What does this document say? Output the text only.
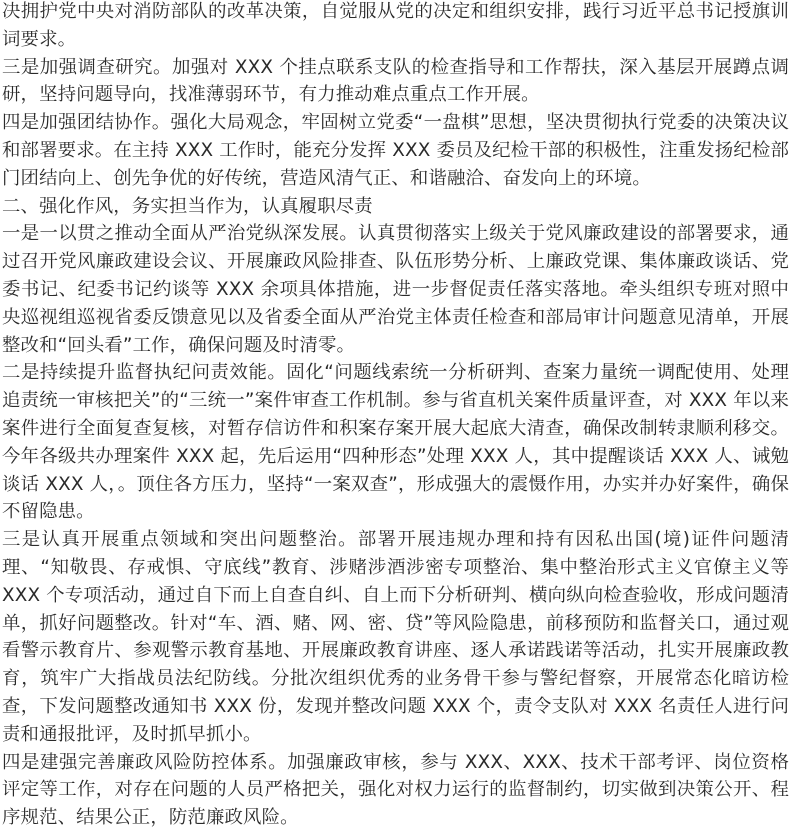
决拥护党中央对消防部队的改革决策，自觉服从党的决定和组织安排，践行习近平总书记授旗训词要求。

三是加强调查研究。加强对 XXX 个挂点联系支队的检查指导和工作帮扶，深入基层开展蹲点调研，坚持问题导向，找准薄弱环节，有力推动难点重点工作开展。

四是加强团结协作。强化大局观念，牢固树立党委“一盘棋”思想，坚决贯彻执行党委的决策决议和部署要求。在主持 XXX 工作时，能充分发挥 XXX 委员及纪检干部的积极性，注重发扬纪检部门团结向上、创先争优的好传统，营造风清气正、和谐融洽、奋发向上的环境。

二、强化作风，务实担当作为，认真履职尽责

一是一以贯之推动全面从严治党纵深发展。认真贯彻落实上级关于党风廉政建设的部署要求，通过召开党风廉政建设会议、开展廉政风险排查、队伍形势分析、上廉政党课、集体廉政谈话、党委书记、纪委书记约谈等 XXX 余项具体措施，进一步督促责任落实落地。牵头组织专班对照中央巡视组巡视省委反馈意见以及省委全面从严治党主体责任检查和部局审计问题意见清单，开展整改和“回头看”工作，确保问题及时清零。

二是持续提升监督执纪问责效能。固化“问题线索统一分析研判、查案力量统一调配使用、处理追责统一审核把关”的“三统一”案件审查工作机制。参与省直机关案件质量评查，对 XXX 年以来案件进行全面复查复核，对暂存信访件和积案存案开展大起底大清查，确保改制转隶顺利移交。今年各级共办理案件 XXX 起，先后运用“四种形态”处理 XXX 人，其中提醒谈话 XXX 人、诫勉谈话 XXX 人，。顶住各方压力，坚持“一案双查”，形成强大的震慑作用，办实并办好案件，确保不留隐患。

三是认真开展重点领域和突出问题整治。部署开展违规办理和持有因私出国(境)证件问题清理、“知敬畏、存戒惧、守底线”教育、涉赌涉酒涉密专项整治、集中整治形式主义官僚主义等 XXX 个专项活动，通过自下而上自查自纠、自上而下分析研判、横向纵向检查验收，形成问题清单，抓好问题整改。针对“车、酒、赌、网、密、贷”等风险隐患，前移预防和监督关口，通过观看警示教育片、参观警示教育基地、开展廉政教育讲座、逐人承诺践诺等活动，扎实开展廉政教育，筑牢广大指战员法纪防线。分批次组织优秀的业务骨干参与警纪督察，开展常态化暗访检查，下发问题整改通知书 XXX 份，发现并整改问题 XXX 个，责令支队对 XXX 名责任人进行问责和通报批评，及时抓早抓小。

四是建强完善廉政风险防控体系。加强廉政审核，参与 XXX、XXX、技术干部考评、岗位资格评定等工作，对存在问题的人员严格把关，强化对权力运行的监督制约，切实做到决策公开、程序规范、结果公正，防范廉政风险。
